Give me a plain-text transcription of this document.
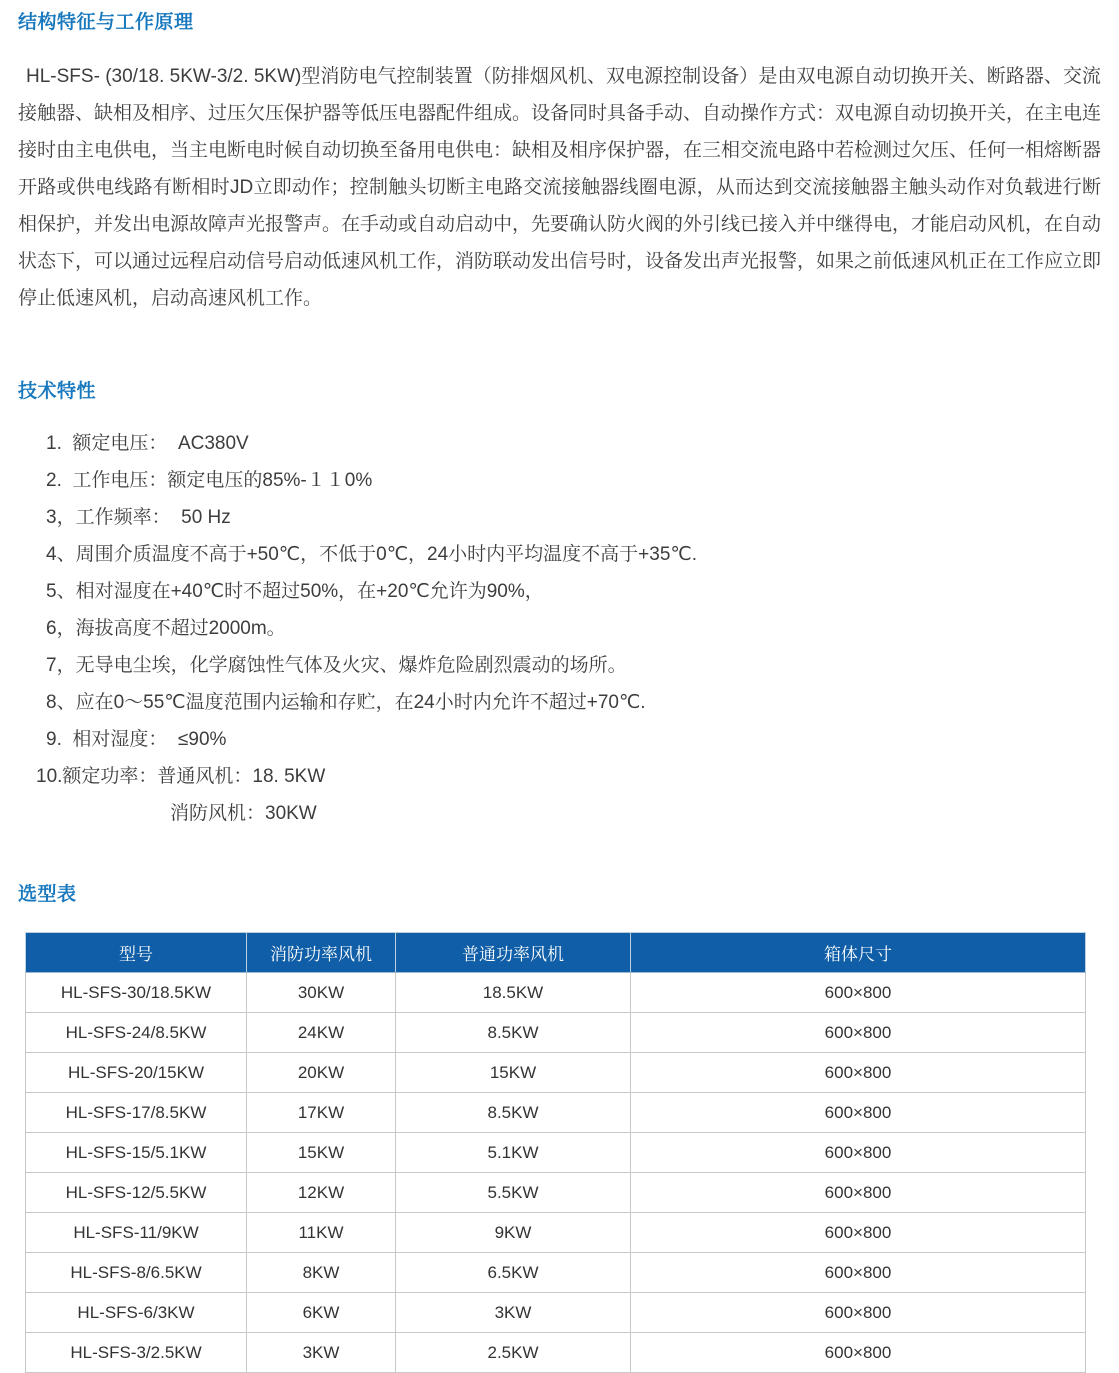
结构特征与工作原理

HL-SFS- (30/18. 5KW-3/2. 5KW)型消防电气控制装置（防排烟风机、双电源控制设备）是由双电源自动切换开关、断路器、交流接触器、缺相及相序、过压欠压保护器等低压电器配件组成。设备同时具备手动、自动操作方式：双电源自动切换开关，在主电连接时由主电供电，当主电断电时候自动切换至备用电供电：缺相及相序保护器，在三相交流电路中若检测过欠压、任何一相熔断器开路或供电线路有断相时JD立即动作；控制触头切断主电路交流接触器线圈电源，从而达到交流接触器主触头动作对负载进行断相保护，并发出电源故障声光报警声。在手动或自动启动中，先要确认防火阀的外引线已接入并中继得电，才能启动风机，在自动状态下，可以通过远程启动信号启动低速风机工作，消防联动发出信号时，设备发出声光报警，如果之前低速风机正在工作应立即停止低速风机，启动高速风机工作。

技术特性
1.  额定电压：  AC380V
2.  工作电压：额定电压的85%-１１0%
3，工作频率：  50 Hz
4、周围介质温度不高于+50℃，不低于0℃，24小时内平均温度不高于+35℃.
5、相对湿度在+40℃时不超过50%，在+20℃允许为90%，
6，海拔高度不超过2000m。
7，无导电尘埃，化学腐蚀性气体及火灾、爆炸危险剧烈震动的场所。
8、应在0～55℃温度范围内运输和存贮，在24小时内允许不超过+70℃.
9.  相对湿度：  ≤90%
10.额定功率：普通风机：18. 5KW
消防风机：30KW
选型表
型号	消防功率风机	普通功率风机	箱体尺寸
HL-SFS-30/18.5KW	30KW	18.5KW	600×800
HL-SFS-24/8.5KW	24KW	8.5KW	600×800
HL-SFS-20/15KW	20KW	15KW	600×800
HL-SFS-17/8.5KW	17KW	8.5KW	600×800
HL-SFS-15/5.1KW	15KW	5.1KW	600×800
HL-SFS-12/5.5KW	12KW	5.5KW	600×800
HL-SFS-11/9KW	11KW	9KW	600×800
HL-SFS-8/6.5KW	8KW	6.5KW	600×800
HL-SFS-6/3KW	6KW	3KW	600×800
HL-SFS-3/2.5KW	3KW	2.5KW	600×800
